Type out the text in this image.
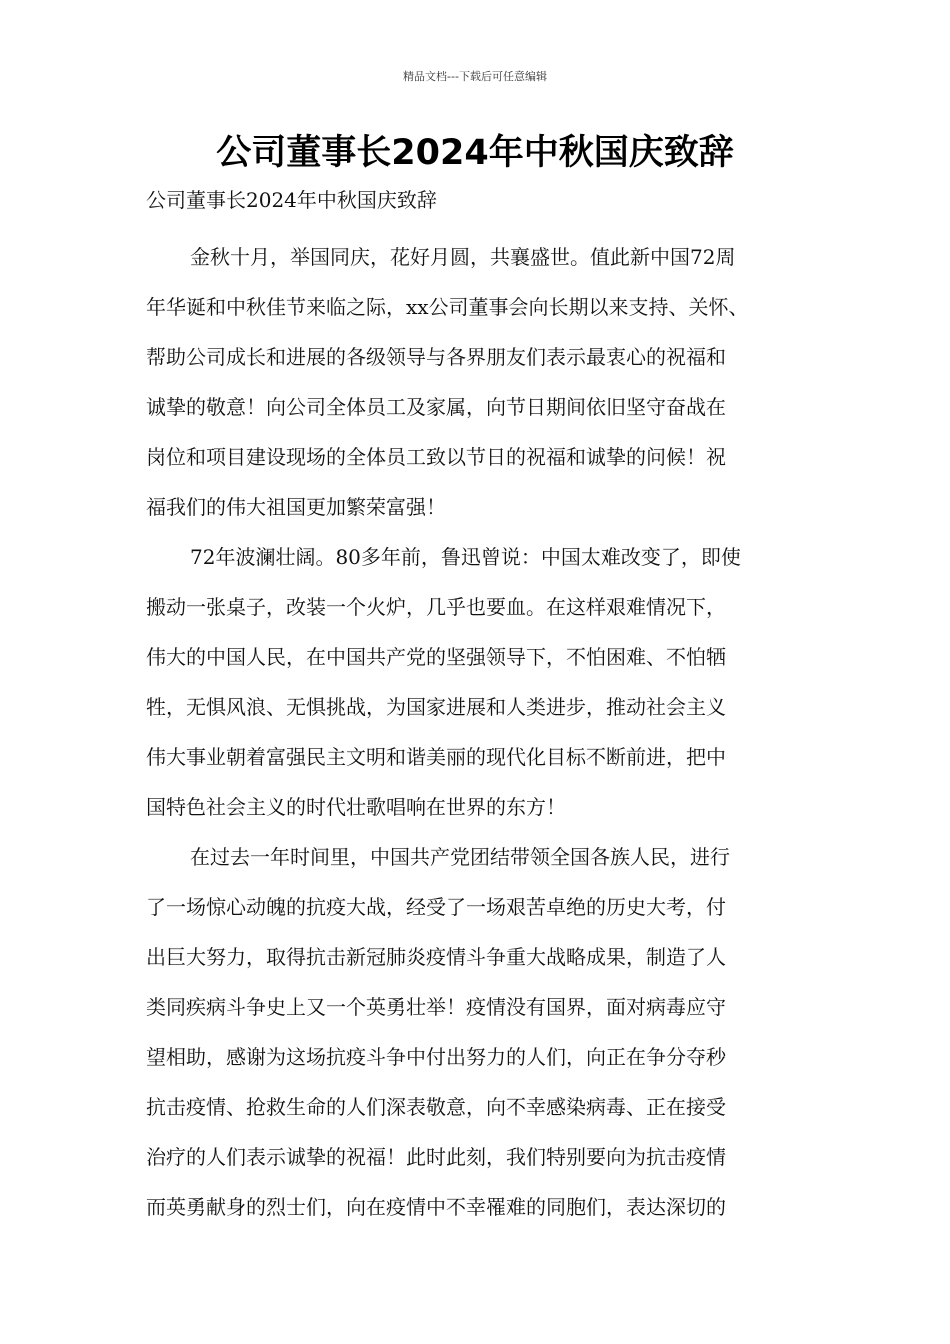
精品文档---下载后可任意编辑
公司董事长2024年中秋国庆致辞

公司董事长2024年中秋国庆致辞

金秋十月，举国同庆，花好月圆，共襄盛世。值此新中国72周
年华诞和中秋佳节来临之际，xx公司董事会向长期以来支持、关怀、
帮助公司成长和进展的各级领导与各界朋友们表示最衷心的祝福和
诚挚的敬意！向公司全体员工及家属，向节日期间依旧坚守奋战在
岗位和项目建设现场的全体员工致以节日的祝福和诚挚的问候！祝
福我们的伟大祖国更加繁荣富强！
72年波澜壮阔。80多年前，鲁迅曾说：中国太难改变了，即使
搬动一张桌子，改装一个火炉，几乎也要血。在这样艰难情况下，
伟大的中国人民，在中国共产党的坚强领导下，不怕困难、不怕牺
牲，无惧风浪、无惧挑战，为国家进展和人类进步，推动社会主义
伟大事业朝着富强民主文明和谐美丽的现代化目标不断前进，把中
国特色社会主义的时代壮歌唱响在世界的东方！
在过去一年时间里，中国共产党团结带领全国各族人民，进行
了一场惊心动魄的抗疫大战，经受了一场艰苦卓绝的历史大考，付
出巨大努力，取得抗击新冠肺炎疫情斗争重大战略成果，制造了人
类同疾病斗争史上又一个英勇壮举！疫情没有国界，面对病毒应守
望相助，感谢为这场抗疫斗争中付出努力的人们，向正在争分夺秒
抗击疫情、抢救生命的人们深表敬意，向不幸感染病毒、正在接受
治疗的人们表示诚挚的祝福！此时此刻，我们特别要向为抗击疫情
而英勇献身的烈士们，向在疫情中不幸罹难的同胞们，表达深切的
